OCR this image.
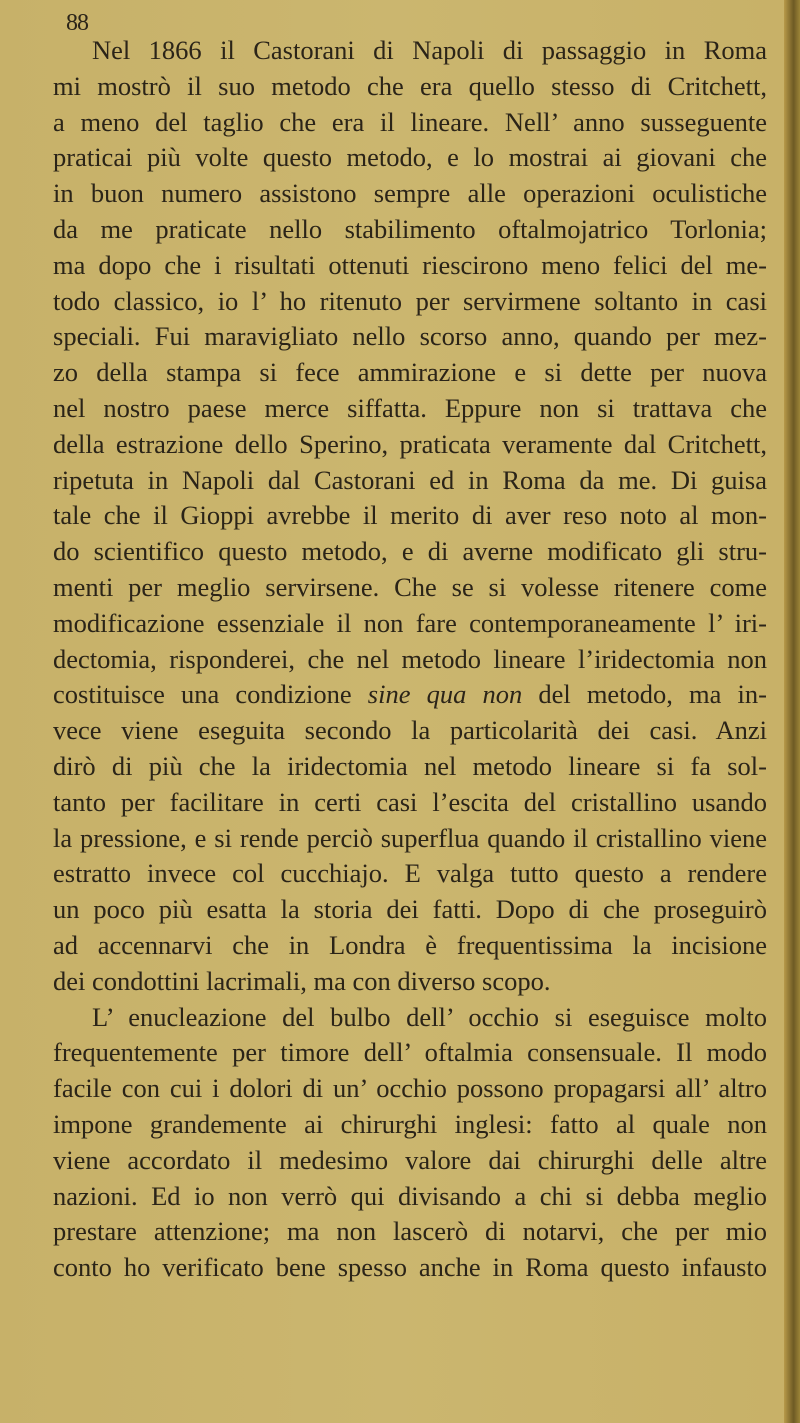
88
Nel 1866 il Castorani di Napoli di passaggio in Roma
mi mostrò il suo metodo che era quello stesso di Critchett,
a meno del taglio che era il lineare. Nell’ anno susseguente
praticai più volte questo metodo, e lo mostrai ai giovani che
in buon numero assistono sempre alle operazioni oculistiche
da me praticate nello stabilimento oftalmojatrico Torlonia;
ma dopo che i risultati ottenuti riescirono meno felici del me-
todo classico, io l’ ho ritenuto per servirmene soltanto in casi
speciali. Fui maravigliato nello scorso anno, quando per mez-
zo della stampa si fece ammirazione e si dette per nuova
nel nostro paese merce siffatta. Eppure non si trattava che
della estrazione dello Sperino, praticata veramente dal Critchett,
ripetuta in Napoli dal Castorani ed in Roma da me. Di guisa
tale che il Gioppi avrebbe il merito di aver reso noto al mon-
do scientifico questo metodo, e di averne modificato gli stru-
menti per meglio servirsene. Che se si volesse ritenere come
modificazione essenziale il non fare contemporaneamente l’ iri-
dectomia, risponderei, che nel metodo lineare l’iridectomia non
costituisce una condizione sine qua non del metodo, ma in-
vece viene eseguita secondo la particolarità dei casi. Anzi
dirò di più che la iridectomia nel metodo lineare si fa sol-
tanto per facilitare in certi casi l’escita del cristallino usando
la pressione, e si rende perciò superflua quando il cristallino viene
estratto invece col cucchiajo. E valga tutto questo a rendere
un poco più esatta la storia dei fatti. Dopo di che proseguirò
ad accennarvi che in Londra è frequentissima la incisione
dei condottini lacrimali, ma con diverso scopo.
L’ enucleazione del bulbo dell’ occhio si eseguisce molto
frequentemente per timore dell’ oftalmia consensuale. Il modo
facile con cui i dolori di un’ occhio possono propagarsi all’ altro
impone grandemente ai chirurghi inglesi: fatto al quale non
viene accordato il medesimo valore dai chirurghi delle altre
nazioni. Ed io non verrò qui divisando a chi si debba meglio
prestare attenzione; ma non lascerò di notarvi, che per mio
conto ho verificato bene spesso anche in Roma questo infausto
